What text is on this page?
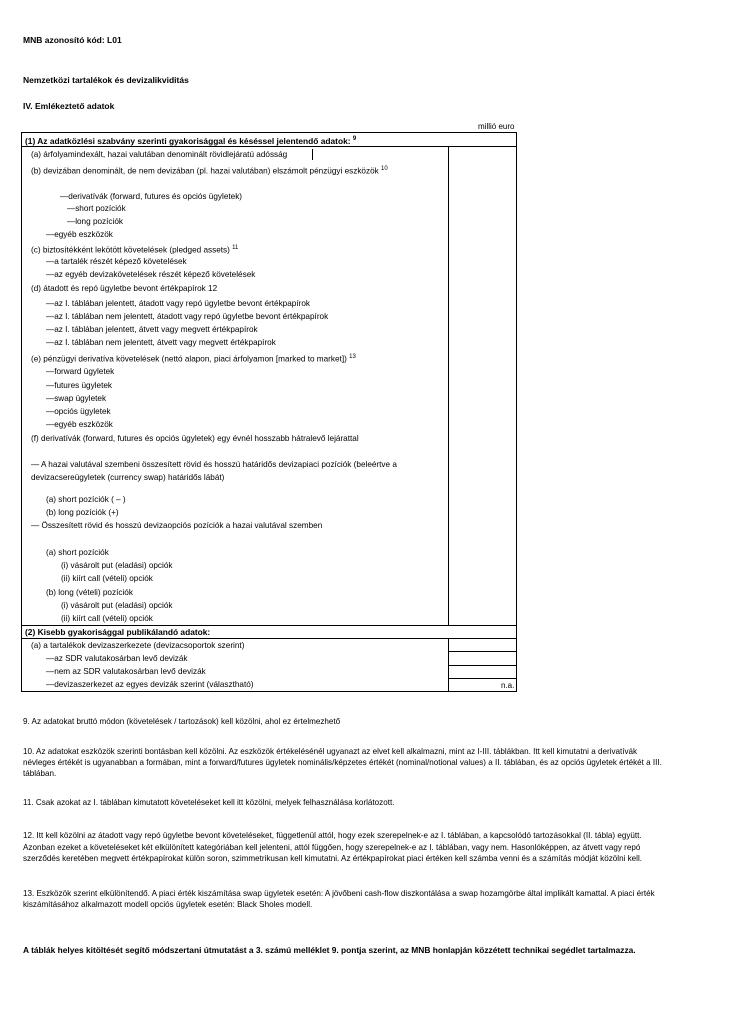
MNB azonosító kód: L01
Nemzetközi tartalékok és devizalikviditás
IV. Emlékeztető adatok
millió euro
(1) Az adatközlési szabvány szerinti gyakorisággal és késéssel jelentendő adatok: $^9$
(a) árfolyamindexált, hazai valutában denominált rövidlejáratú adósság
(b) devizában denominált, de nem devizában (pl. hazai valutában) elszámolt pénzügyi eszközök $^{10}$
—derivatívák (forward, futures és opciós ügyletek)
—short pozíciók
—long pozíciók
—egyéb eszközök
(c) biztosítékként lekötött követelések (pledged assets) $^{11}$
—a tartalék részét képező követelések
—az egyéb devizakövetelések részét képező követelések
(d) átadott és repó ügyletbe bevont értékpapírok 12
—az I. táblában jelentett, átadott vagy repó ügyletbe bevont értékpapírok
—az I. táblában nem jelentett, átadott vagy repó ügyletbe bevont értékpapírok
—az I. táblában jelentett, átvett vagy megvett értékpapírok
—az I. táblában nem jelentett, átvett vagy megvett értékpapírok
(e) pénzügyi derivatíva követelések (nettó alapon, piaci árfolyamon [marked to market]) $^{13}$
—forward ügyletek
—futures ügyletek
—swap ügyletek
—opciós ügyletek
—egyéb eszközök
(f) derivatívák (forward, futures és opciós ügyletek) egy évnél hosszabb hátralevő lejárattal
— A hazai valutával szembeni összesített rövid és hosszú határidős devizapiaci pozíciók (beleértve a
devizacsereügyletek (currency swap) határidős lábát)
(a) short pozíciók ( – )
(b) long pozíciók (+)
— Összesített rövid és hosszú devizaopciós pozíciók a hazai valutával szemben
(a) short pozíciók
(i) vásárolt put (eladási) opciók
(ii) kiírt call (vételi) opciók
(b) long (vételi) pozíciók
(i) vásárolt put (eladási) opciók
(ii) kiírt call (vételi) opciók
(2) Kisebb gyakorisággal publikálandó adatok:
(a) a tartalékok devizaszerkezete (devizacsoportok szerint)
—az SDR valutakosárban levő devizák
—nem az SDR valutakosárban levő devizák
—devizaszerkezet az egyes devizák szerint (választható)	n.a.
9. Az adatokat bruttó módon (követelések / tartozások) kell közölni, ahol ez értelmezhető
10. Az adatokat eszközök szerinti bontásban kell közölni. Az eszközök értékelésénél ugyanazt az elvet kell alkalmazni, mint az I-III. táblákban. Itt kell kimutatni a derivatívák
névleges értékét is ugyanabban a formában, mint a forward/futures ügyletek nominális/képzetes értékét (nominal/notional values) a II. táblában, és az opciós ügyletek értékét a III.
táblában.
11. Csak azokat az I. táblában kimutatott követeléseket kell itt közölni, melyek felhasználása korlátozott.
12. Itt kell közölni az átadott vagy repó ügyletbe bevont követeléseket, függetlenül attól, hogy ezek szerepelnek-e az I. táblában, a kapcsolódó tartozásokkal (II. tábla) együtt.
Azonban ezeket a követeléseket két elkülönített kategóriában kell jelenteni, attól függően, hogy szerepelnek-e az I. táblában, vagy nem. Hasonlóképpen, az átvett vagy repó
szerződés keretében megvett értékpapírokat külön soron, szimmetrikusan kell kimutatni. Az értékpapírokat piaci értéken kell számba venni és a számítás módját közölni kell.
13. Eszközök szerint elkülönítendő. A piaci érték kiszámítása swap ügyletek esetén: A jövőbeni cash-flow diszkontálása a swap hozamgörbe által implikált kamattal. A piaci érték
kiszámításához alkalmazott modell opciós ügyletek esetén: Black Sholes modell.
A táblák helyes kitöltését segítő módszertani útmutatást a 3. számú melléklet 9. pontja szerint, az MNB honlapján közzétett technikai segédlet tartalmazza.
